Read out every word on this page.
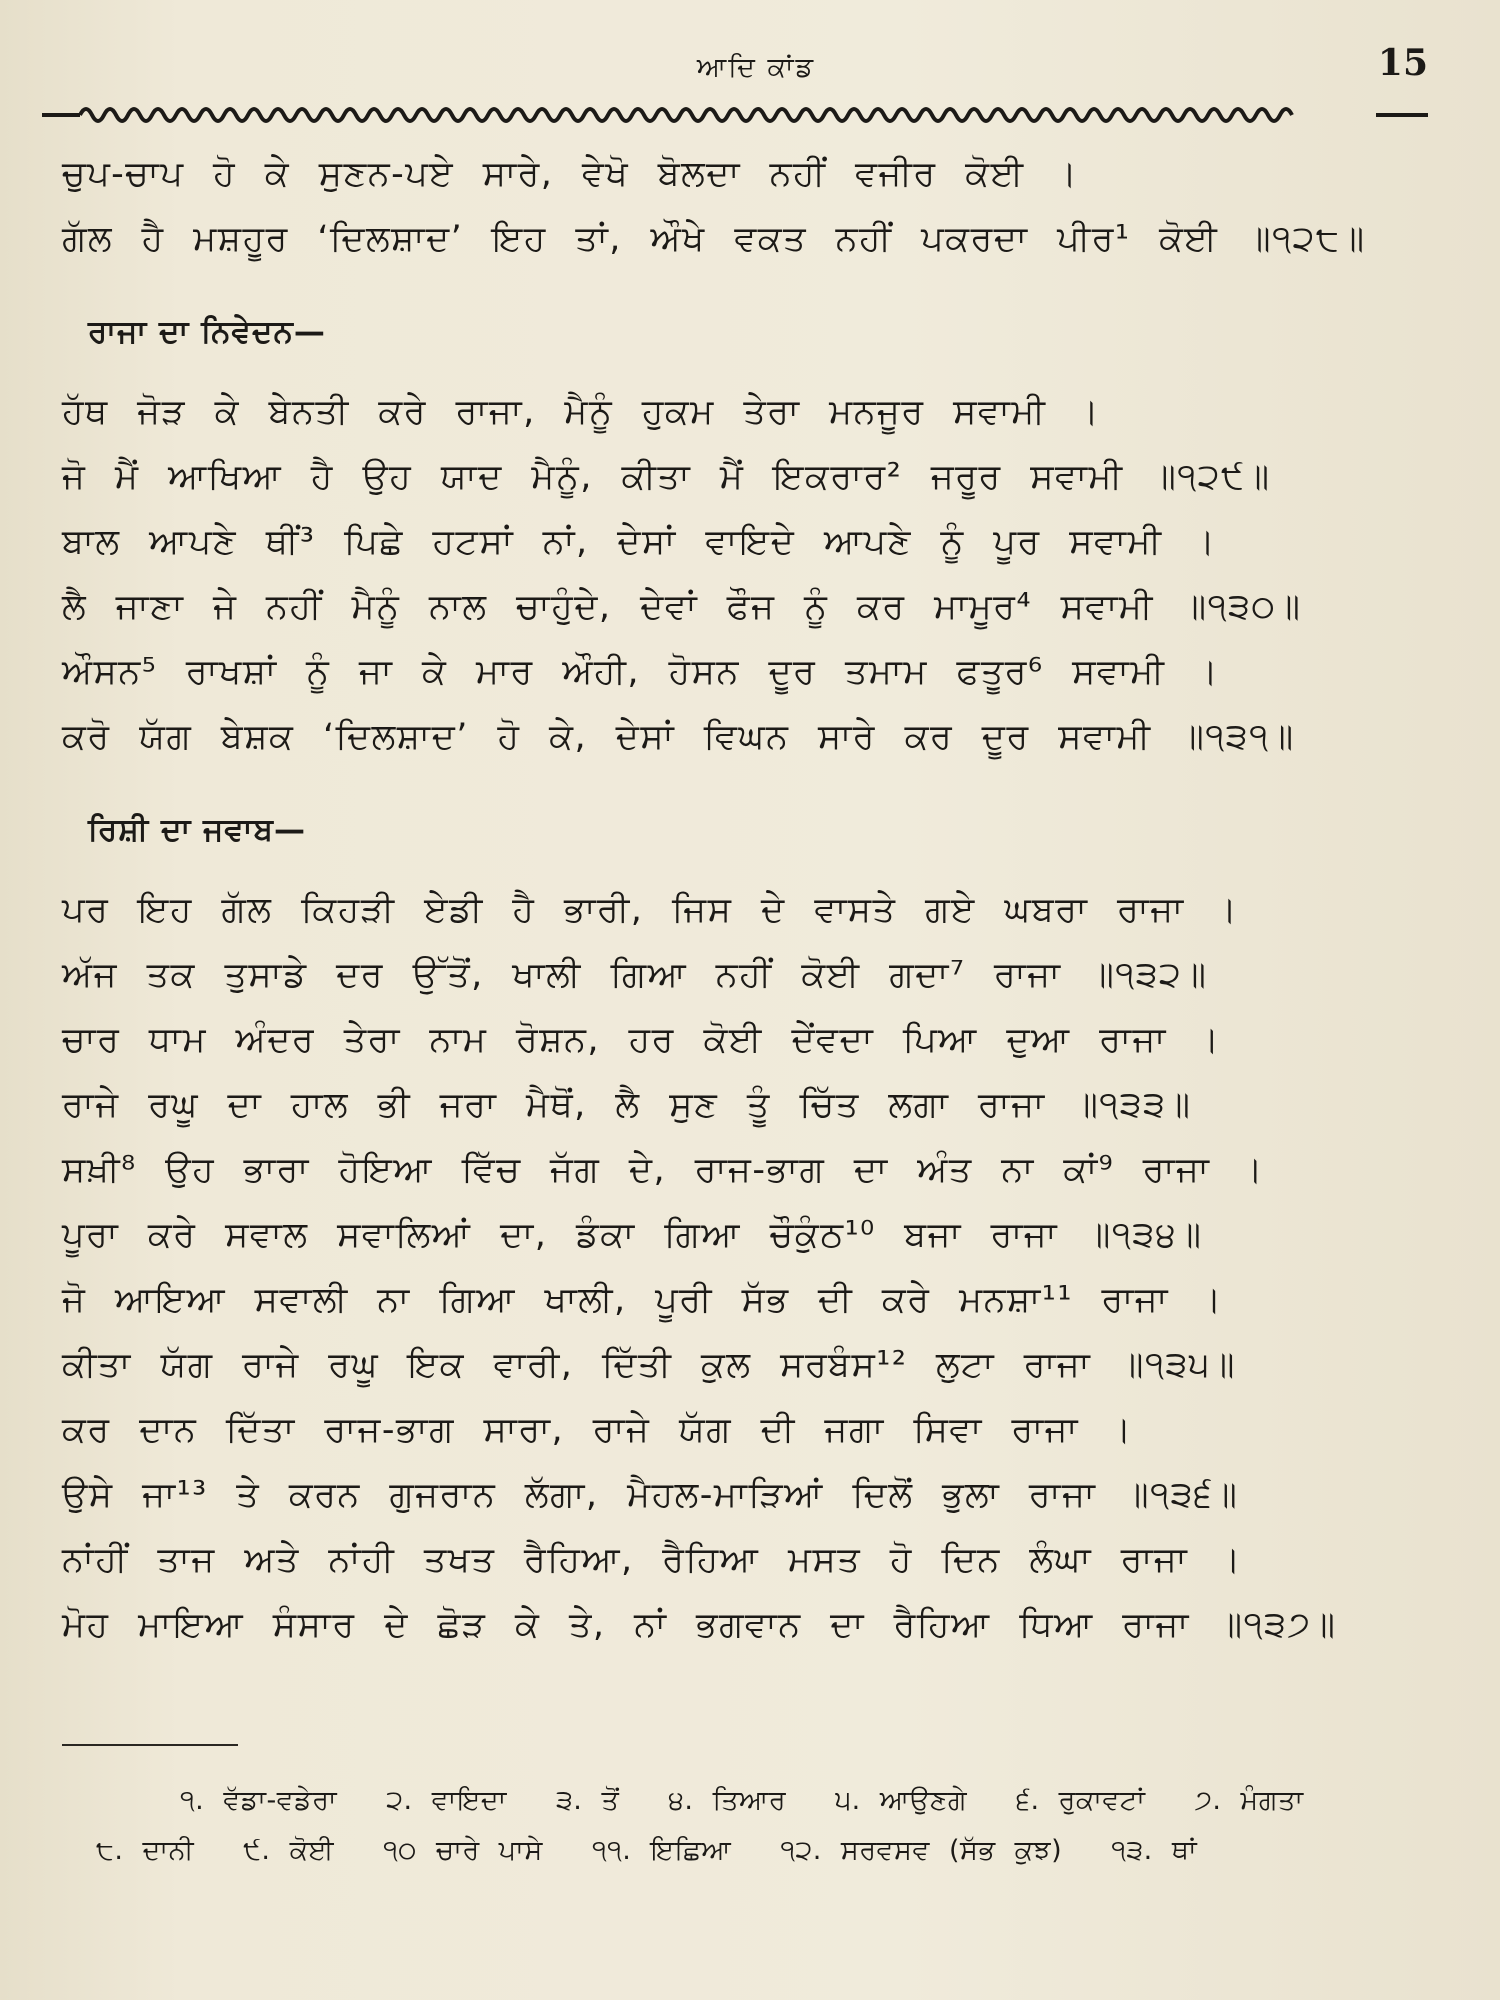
ਆਦਿ ਕਾਂਡ	15
ਚੁਪ-ਚਾਪ ਹੋ ਕੇ ਸੁਣਨ-ਪਏ ਸਾਰੇ, ਵੇਖੋ ਬੋਲਦਾ ਨਹੀਂ ਵਜੀਰ ਕੋਈ ।
ਗੱਲ ਹੈ ਮਸ਼ਹੂਰ ‘ਦਿਲਸ਼ਾਦ’ ਇਹ ਤਾਂ, ਔਖੇ ਵਕਤ ਨਹੀਂ ਪਕਰਦਾ ਪੀਰ¹ ਕੋਈ ॥੧੨੮॥
ਰਾਜਾ ਦਾ ਨਿਵੇਦਨ—
ਹੱਥ ਜੋੜ ਕੇ ਬੇਨਤੀ ਕਰੇ ਰਾਜਾ, ਮੈਨੂੰ ਹੁਕਮ ਤੇਰਾ ਮਨਜੂਰ ਸਵਾਮੀ ।
ਜੋ ਮੈਂ ਆਖਿਆ ਹੈ ਉਹ ਯਾਦ ਮੈਨੂੰ, ਕੀਤਾ ਮੈਂ ਇਕਰਾਰ² ਜਰੂਰ ਸਵਾਮੀ ॥੧੨੯॥
ਬਾਲ ਆਪਣੇ ਥੀਂ³ ਪਿਛੇ ਹਟਸਾਂ ਨਾਂ, ਦੇਸਾਂ ਵਾਇਦੇ ਆਪਣੇ ਨੂੰ ਪੂਰ ਸਵਾਮੀ ।
ਲੈ ਜਾਣਾ ਜੇ ਨਹੀਂ ਮੈਨੂੰ ਨਾਲ ਚਾਹੁੰਦੇ, ਦੇਵਾਂ ਫੌਜ ਨੂੰ ਕਰ ਮਾਮੂਰ⁴ ਸਵਾਮੀ ॥੧੩੦॥
ਔਸਨ⁵ ਰਾਖਸ਼ਾਂ ਨੂੰ ਜਾ ਕੇ ਮਾਰ ਔਹੀ, ਹੋਸਨ ਦੂਰ ਤਮਾਮ ਫਤੂਰ⁶ ਸਵਾਮੀ ।
ਕਰੋ ਯੱਗ ਬੇਸ਼ਕ ‘ਦਿਲਸ਼ਾਦ’ ਹੋ ਕੇ, ਦੇਸਾਂ ਵਿਘਨ ਸਾਰੇ ਕਰ ਦੂਰ ਸਵਾਮੀ ॥੧੩੧॥
ਰਿਸ਼ੀ ਦਾ ਜਵਾਬ—
ਪਰ ਇਹ ਗੱਲ ਕਿਹੜੀ ਏਡੀ ਹੈ ਭਾਰੀ, ਜਿਸ ਦੇ ਵਾਸਤੇ ਗਏ ਘਬਰਾ ਰਾਜਾ ।
ਅੱਜ ਤਕ ਤੁਸਾਡੇ ਦਰ ਉੱਤੋਂ, ਖਾਲੀ ਗਿਆ ਨਹੀਂ ਕੋਈ ਗਦਾ⁷ ਰਾਜਾ ॥੧੩੨॥
ਚਾਰ ਧਾਮ ਅੰਦਰ ਤੇਰਾ ਨਾਮ ਰੋਸ਼ਨ, ਹਰ ਕੋਈ ਦੇਂਵਦਾ ਪਿਆ ਦੁਆ ਰਾਜਾ ।
ਰਾਜੇ ਰਘੂ ਦਾ ਹਾਲ ਭੀ ਜਰਾ ਮੈਥੋਂ, ਲੈ ਸੁਣ ਤੂੰ ਚਿੱਤ ਲਗਾ ਰਾਜਾ ॥੧੩੩॥
ਸਖ਼ੀ⁸ ਉਹ ਭਾਰਾ ਹੋਇਆ ਵਿੱਚ ਜੱਗ ਦੇ, ਰਾਜ-ਭਾਗ ਦਾ ਅੰਤ ਨਾ ਕਾਂ⁹ ਰਾਜਾ ।
ਪੂਰਾ ਕਰੇ ਸਵਾਲ ਸਵਾਲਿਆਂ ਦਾ, ਡੰਕਾ ਗਿਆ ਚੌਕੁੰਠ¹⁰ ਬਜਾ ਰਾਜਾ ॥੧੩੪॥
ਜੋ ਆਇਆ ਸਵਾਲੀ ਨਾ ਗਿਆ ਖਾਲੀ, ਪੂਰੀ ਸੱਭ ਦੀ ਕਰੇ ਮਨਸ਼ਾ¹¹ ਰਾਜਾ ।
ਕੀਤਾ ਯੱਗ ਰਾਜੇ ਰਘੂ ਇਕ ਵਾਰੀ, ਦਿੱਤੀ ਕੁਲ ਸਰਬੰਸ¹² ਲੁਟਾ ਰਾਜਾ ॥੧੩੫॥
ਕਰ ਦਾਨ ਦਿੱਤਾ ਰਾਜ-ਭਾਗ ਸਾਰਾ, ਰਾਜੇ ਯੱਗ ਦੀ ਜਗਾ ਸਿਵਾ ਰਾਜਾ ।
ਉਸੇ ਜਾ¹³ ਤੇ ਕਰਨ ਗੁਜਰਾਨ ਲੱਗਾ, ਮੈਹਲ-ਮਾੜਿਆਂ ਦਿਲੋਂ ਭੁਲਾ ਰਾਜਾ ॥੧੩੬॥
ਨਾਂਹੀਂ ਤਾਜ ਅਤੇ ਨਾਂਹੀ ਤਖਤ ਰੈਹਿਆ, ਰੈਹਿਆ ਮਸਤ ਹੋ ਦਿਨ ਲੰਘਾ ਰਾਜਾ ।
ਮੋਹ ਮਾਇਆ ਸੰਸਾਰ ਦੇ ਛੋੜ ਕੇ ਤੇ, ਨਾਂ ਭਗਵਾਨ ਦਾ ਰੈਹਿਆ ਧਿਆ ਰਾਜਾ ॥੧੩੭॥
੧. ਵੱਡਾ-ਵਡੇਰਾ ੨. ਵਾਇਦਾ ੩. ਤੋਂ ੪. ਤਿਆਰ ੫. ਆਉਣਗੇ ੬. ਰੁਕਾਵਟਾਂ ੭. ਮੰਗਤਾ
੮. ਦਾਨੀ ੯. ਕੋਈ ੧੦ ਚਾਰੇ ਪਾਸੇ ੧੧. ਇਛਿਆ ੧੨. ਸਰਵਸਵ (ਸੱਭ ਕੁਝ) ੧੩. ਥਾਂ
